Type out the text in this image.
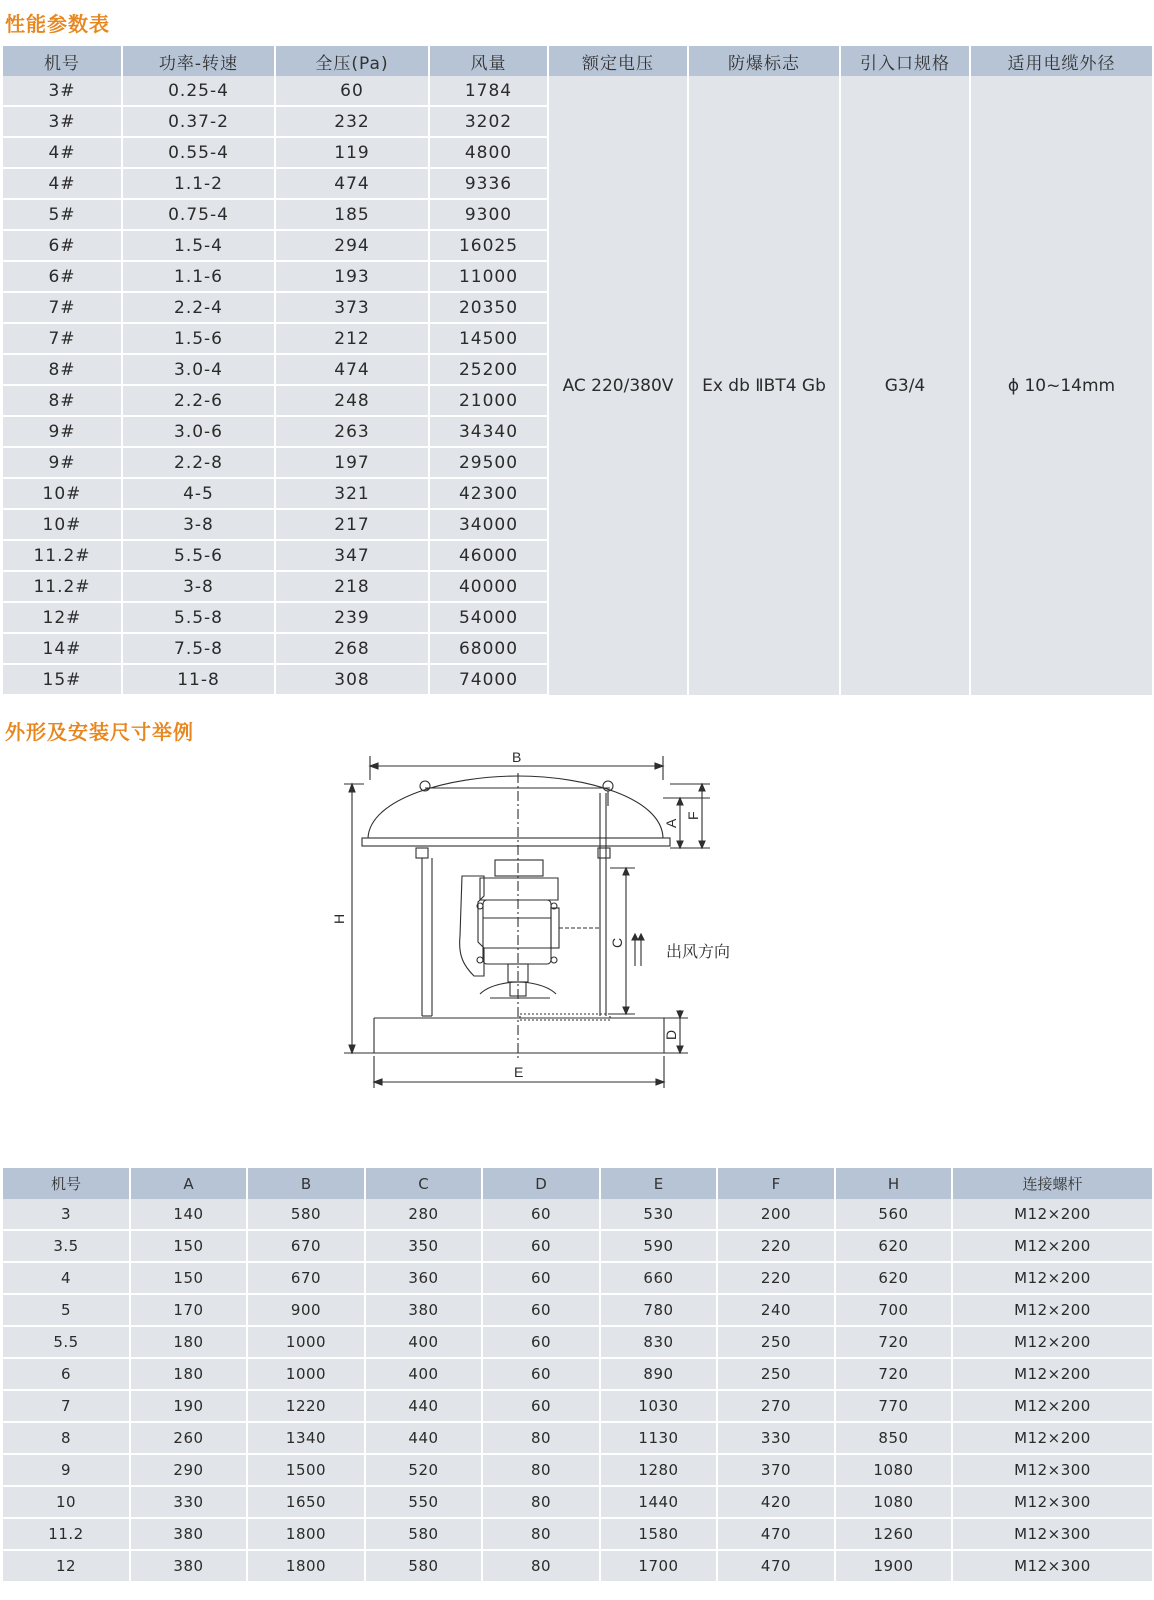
性能参数表
机号	功率-转速	全压(Pa)	风量	额定电压	防爆标志	引入口规格	适用电缆外径
3#	0.25-4	60	1784	AC 220/380V	Ex db ⅡBT4 Gb	G3/4	ϕ 10~14mm
3#	0.37-2	232	3202				
4#	0.55-4	119	4800				
4#	1.1-2	474	9336				
5#	0.75-4	185	9300				
6#	1.5-4	294	16025				
6#	1.1-6	193	11000				
7#	2.2-4	373	20350				
7#	1.5-6	212	14500				
8#	3.0-4	474	25200				
8#	2.2-6	248	21000				
9#	3.0-6	263	34340				
9#	2.2-8	197	29500				
10#	4-5	321	42300				
10#	3-8	217	34000				
11.2#	5.5-6	347	46000				
11.2#	3-8	218	40000				
12#	5.5-8	239	54000				
14#	7.5-8	268	68000				
15#	11-8	308	74000				
外形及安装尺寸举例
B
H
A
F
C
D
E
出风方向
机号	A	B	C	D	E	F	H	连接螺杆
3	140	580	280	60	530	200	560	M12×200
3.5	150	670	350	60	590	220	620	M12×200
4	150	670	360	60	660	220	620	M12×200
5	170	900	380	60	780	240	700	M12×200
5.5	180	1000	400	60	830	250	720	M12×200
6	180	1000	400	60	890	250	720	M12×200
7	190	1220	440	60	1030	270	770	M12×200
8	260	1340	440	80	1130	330	850	M12×200
9	290	1500	520	80	1280	370	1080	M12×300
10	330	1650	550	80	1440	420	1080	M12×300
11.2	380	1800	580	80	1580	470	1260	M12×300
12	380	1800	580	80	1700	470	1900	M12×300
